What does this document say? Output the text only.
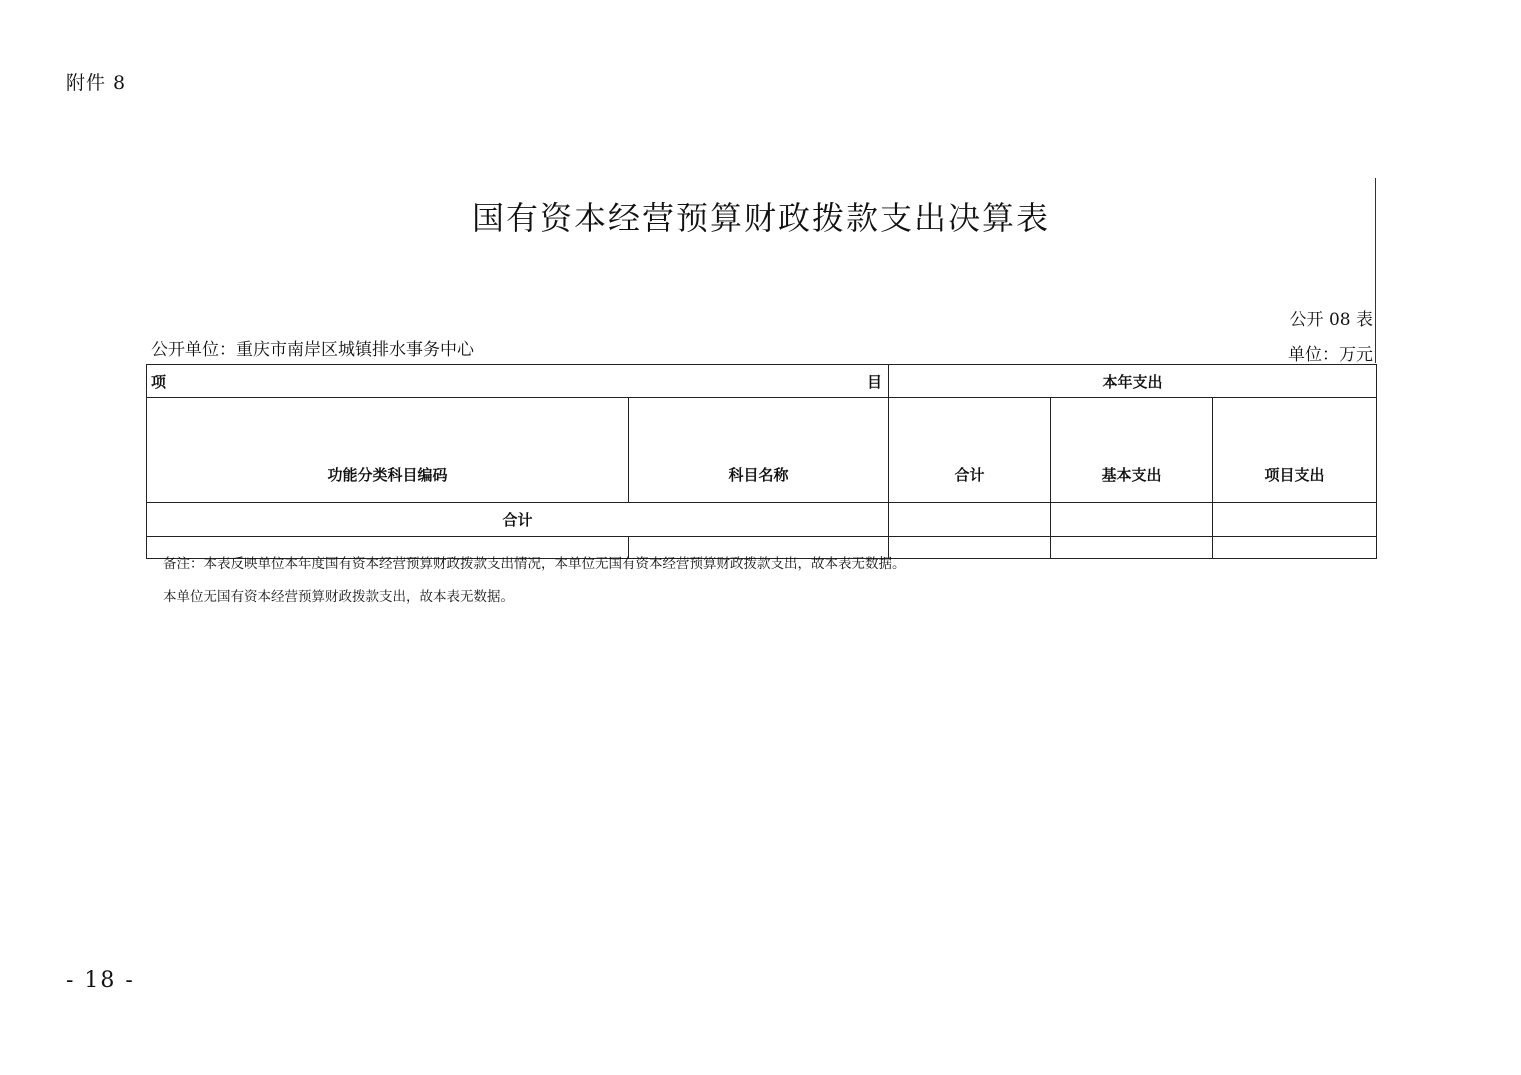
附件 8
国有资本经营预算财政拨款支出决算表
公开 08 表
公开单位：重庆市南岸区城镇排水事务中心	单位：万元
项 目		本年支出		
功能分类科目编码	科目名称	合计	基本支出	项目支出
合计				

备注：本表反映单位本年度国有资本经营预算财政拨款支出情况，本单位无国有资本经营预算财政拨款支出，故本表无数据。
本单位无国有资本经营预算财政拨款支出，故本表无数据。
- 18 -
